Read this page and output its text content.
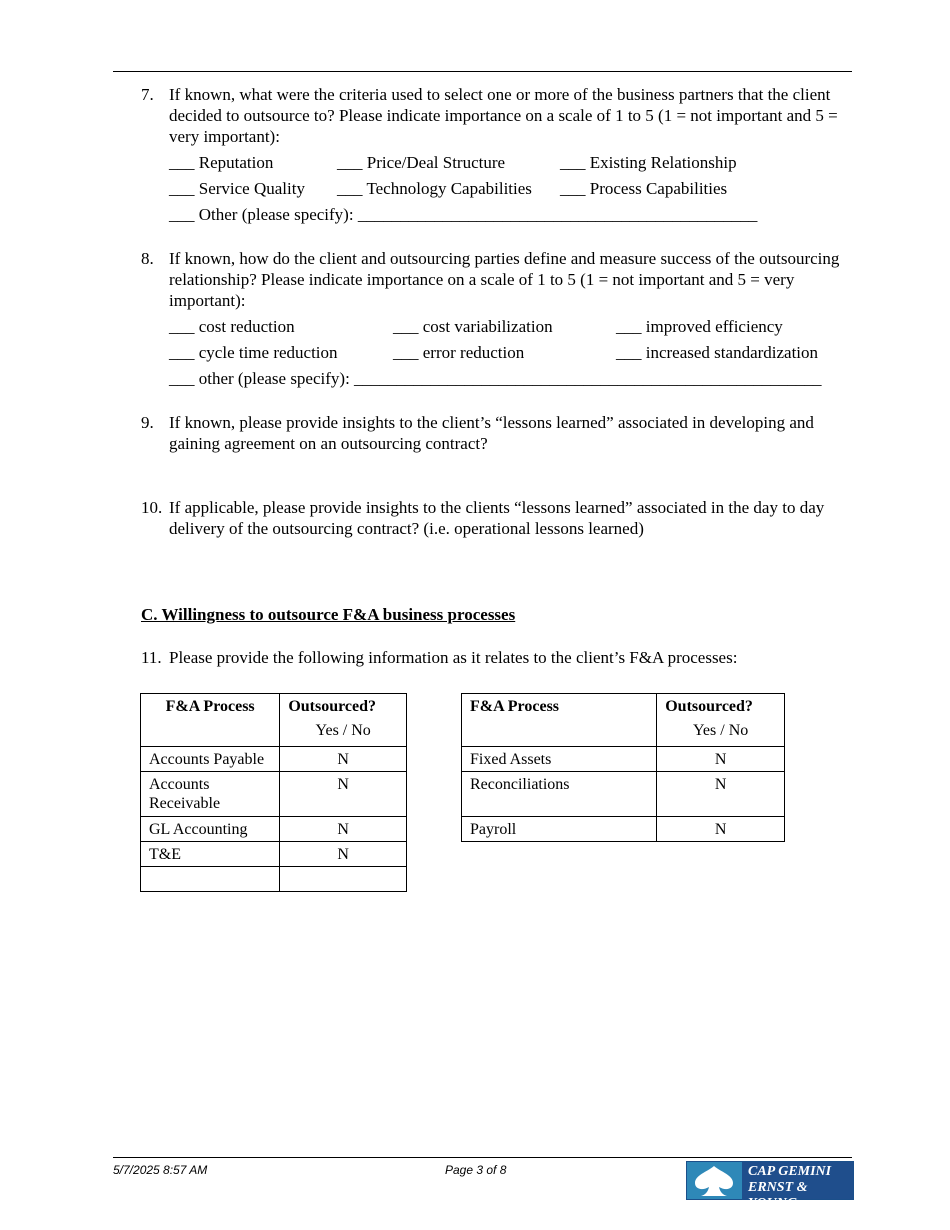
7. If known, what were the criteria used to select one or more of the business partners that the client decided to outsource to? Please indicate importance on a scale of 1 to 5 (1 = not important and 5 = very important):
___ Reputation	___ Price/Deal Structure	___ Existing Relationship
___ Service Quality ___ Technology Capabilities ___ Process Capabilities
___ Other (please specify): _______________________________________________
8. If known, how do the client and outsourcing parties define and measure success of the outsourcing relationship? Please indicate importance on a scale of 1 to 5 (1 = not important and 5 = very important):
___ cost reduction	___ cost variabilization	___ improved efficiency
___ cycle time reduction	___ error reduction	___ increased standardization
___ other (please specify): _______________________________________________________
9. If known, please provide insights to the client’s “lessons learned” associated in developing and gaining agreement on an outsourcing contract?
10. If applicable, please provide insights to the clients “lessons learned” associated in the day to day delivery of the outsourcing contract? (i.e. operational lessons learned)
C. Willingness to outsource F&A business processes
11. Please provide the following information as it relates to the client’s F&A processes:
F&A Process	Outsourced?
Yes / No

Accounts Payable	N
Accounts Receivable	N
GL Accounting	N
T&E	N

F&A Process	Outsourced?
Yes / No

Fixed Assets	N
Reconciliations	N
Payroll	N
5/7/2025 8:57 AM	Page 3 of 8	CAP GEMINI
ERNST & YOUNG
